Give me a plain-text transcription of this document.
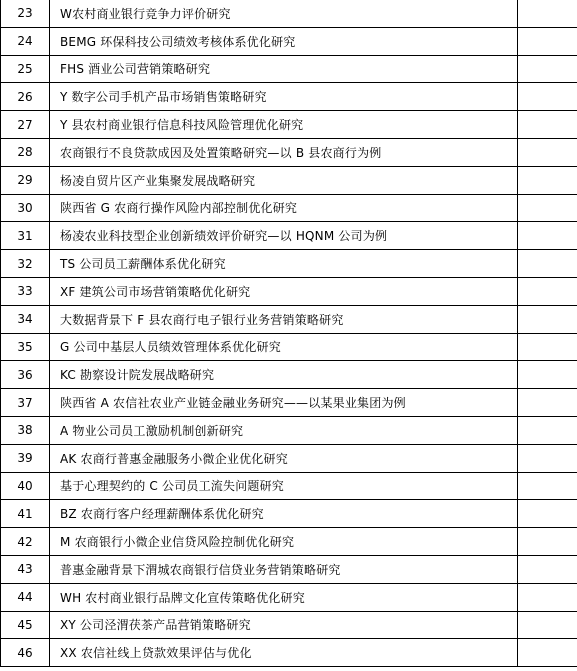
23	W农村商业银行竞争力评价研究	
24	BEMG 环保科技公司绩效考核体系优化研究	
25	FHS 酒业公司营销策略研究	
26	Y 数字公司手机产品市场销售策略研究	
27	Y 县农村商业银行信息科技风险管理优化研究	
28	农商银行不良贷款成因及处置策略研究—以 B 县农商行为例	
29	杨凌自贸片区产业集聚发展战略研究	
30	陕西省 G 农商行操作风险内部控制优化研究	
31	杨凌农业科技型企业创新绩效评价研究—以 HQNM 公司为例	
32	TS 公司员工薪酬体系优化研究	
33	XF 建筑公司市场营销策略优化研究	
34	大数据背景下 F 县农商行电子银行业务营销策略研究	
35	G 公司中基层人员绩效管理体系优化研究	
36	KC 勘察设计院发展战略研究	
37	陕西省 A 农信社农业产业链金融业务研究——以某果业集团为例	
38	A 物业公司员工激励机制创新研究	
39	AK 农商行普惠金融服务小微企业优化研究	
40	基于心理契约的 C 公司员工流失问题研究	
41	BZ 农商行客户经理薪酬体系优化研究	
42	M 农商银行小微企业信贷风险控制优化研究	
43	普惠金融背景下渭城农商银行信贷业务营销策略研究	
44	WH 农村商业银行品牌文化宣传策略优化研究	
45	XY 公司泾渭茯茶产品营销策略研究	
46	XX 农信社线上贷款效果评估与优化	
